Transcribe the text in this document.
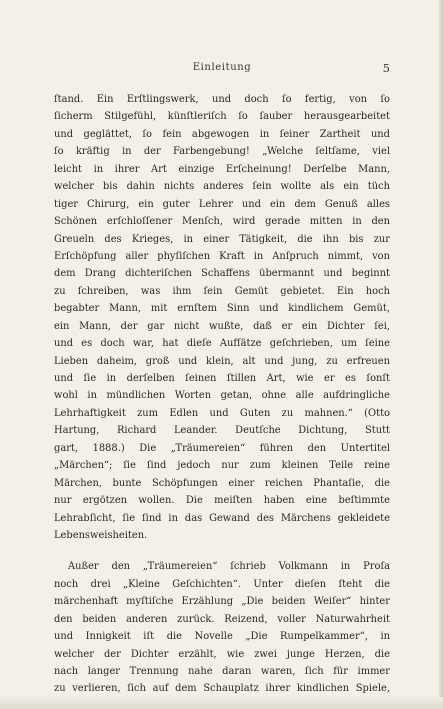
Einleitung	5
ſtand. Ein Erſtlingswerk, und doch ſo fertig, von ſo
ſicherm Stilgefühl, künſtleriſch ſo ſauber herausgearbeitet
und geglättet, ſo fein abgewogen in ſeiner Zartheit und
ſo kräftig in der Farbengebung! „Welche ſeltſame, viel
leicht in ihrer Art einzige Erſcheinung! Derſelbe Mann,
welcher bis dahin nichts anderes ſein wollte als ein tüch
tiger Chirurg, ein guter Lehrer und ein dem Genuß alles
Schönen erſchloſſener Menſch, wird gerade mitten in den
Greueln des Krieges, in einer Tätigkeit, die ihn bis zur
Erſchöpfung aller phyſiſchen Kraft in Anſpruch nimmt, von
dem Drang dichteriſchen Schaffens übermannt und beginnt
zu ſchreiben, was ihm ſein Gemüt gebietet. Ein hoch
begabter Mann, mit ernſtem Sinn und kindlichem Gemüt,
ein Mann, der gar nicht wußte, daß er ein Dichter ſei,
und es doch war, hat dieſe Aufſätze geſchrieben, um ſeine
Lieben daheim, groß und klein, alt und jung, zu erfreuen
und ſie in derſelben ſeinen ſtillen Art, wie er es ſonſt
wohl in mündlichen Worten getan, ohne alle aufdringliche
Lehrhaftigkeit zum Edlen und Guten zu mahnen.“ (Otto
Hartung, Richard Leander. Deutſche Dichtung, Stutt
gart, 1888.) Die „Träumereien“ führen den Untertitel
„Märchen“; ſie ſind jedoch nur zum kleinen Teile reine
Märchen, bunte Schöpfungen einer reichen Phantaſie, die
nur ergötzen wollen. Die meiſten haben eine beſtimmte
Lehrabſicht, ſie ſind in das Gewand des Märchens gekleidete
Lebensweisheiten.
Außer den „Träumereien“ ſchrieb Volkmann in Proſa
noch drei „Kleine Geſchichten“. Unter dieſen ſteht die
märchenhaft myſtiſche Erzählung „Die beiden Weiſer“ hinter
den beiden anderen zurück. Reizend, voller Naturwahrheit
und Innigkeit iſt die Novelle „Die Rumpelkammer“, in
welcher der Dichter erzählt, wie zwei junge Herzen, die
nach langer Trennung nahe daran waren, ſich für immer
zu verlieren, ſich auf dem Schauplatz ihrer kindlichen Spiele,
